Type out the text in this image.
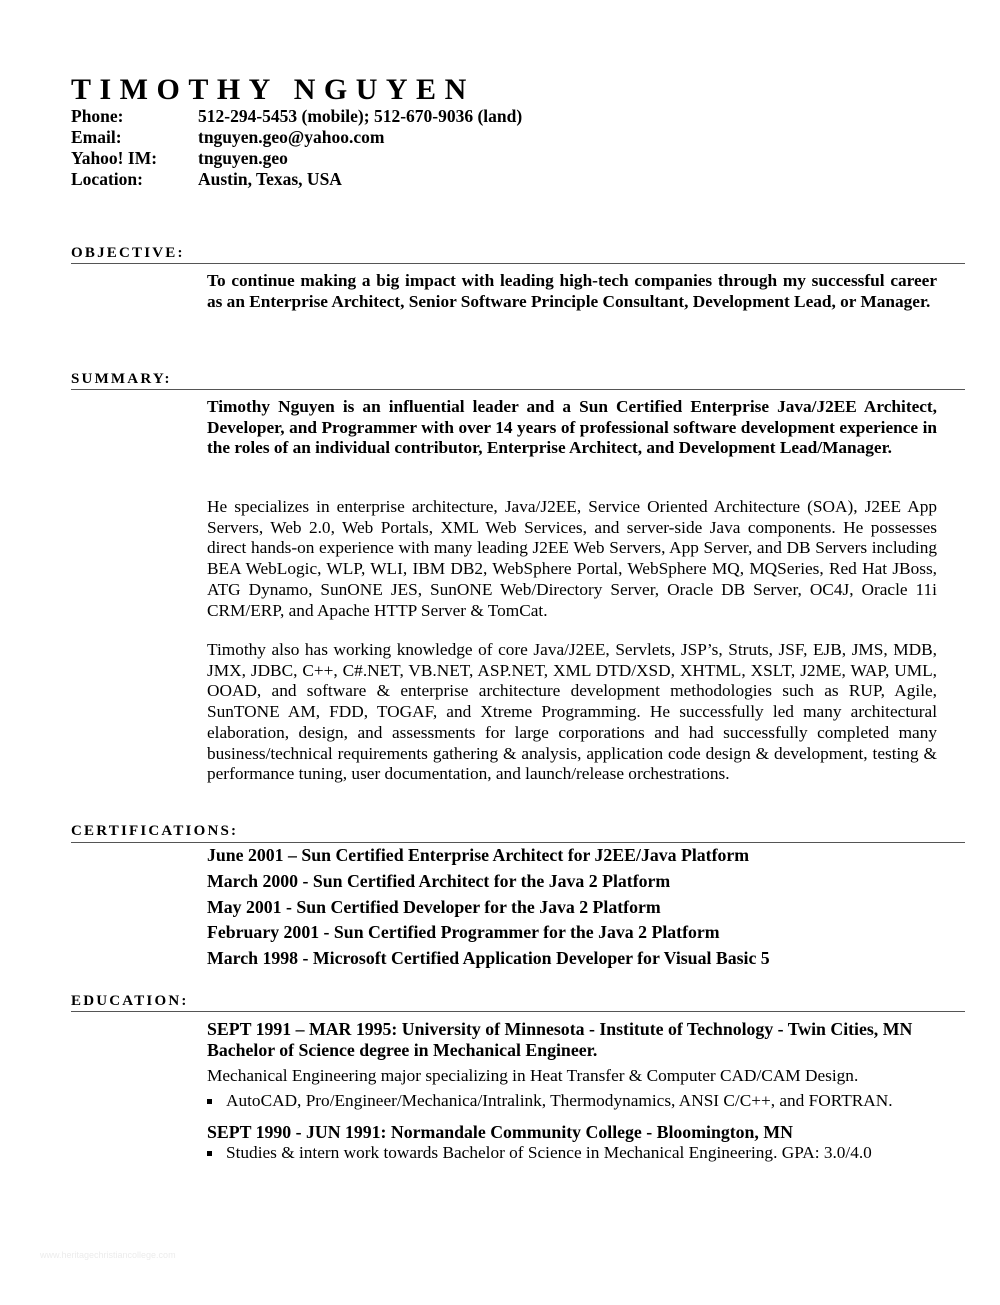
TIMOTHY NGUYEN
Phone:	512-294-5453 (mobile); 512-670-9036 (land)
Email:	tnguyen.geo@yahoo.com
Yahoo! IM: tnguyen.geo
Location:	Austin, Texas, USA
OBJECTIVE:
To continue making a big impact with leading high-tech companies through my successful career as an Enterprise Architect, Senior Software Principle Consultant, Development Lead, or Manager.
SUMMARY:
Timothy Nguyen is an influential leader and a Sun Certified Enterprise Java/J2EE Architect, Developer, and Programmer with over 14 years of professional software development experience in the roles of an individual contributor, Enterprise Architect, and Development Lead/Manager.
He specializes in enterprise architecture, Java/J2EE, Service Oriented Architecture (SOA), J2EE App Servers, Web 2.0, Web Portals, XML Web Services, and server-side Java components. He possesses direct hands-on experience with many leading J2EE Web Servers, App Server, and DB Servers including BEA WebLogic, WLP, WLI, IBM DB2, WebSphere Portal, WebSphere MQ, MQSeries, Red Hat JBoss, ATG Dynamo, SunONE JES, SunONE Web/Directory Server, Oracle DB Server, OC4J, Oracle 11i CRM/ERP, and Apache HTTP Server & TomCat.
Timothy also has working knowledge of core Java/J2EE, Servlets, JSP’s, Struts, JSF, EJB, JMS, MDB, JMX, JDBC, C++, C#.NET, VB.NET, ASP.NET, XML DTD/XSD, XHTML, XSLT, J2ME, WAP, UML, OOAD, and software & enterprise architecture development methodologies such as RUP, Agile, SunTONE AM, FDD, TOGAF, and Xtreme Programming. He successfully led many architectural elaboration, design, and assessments for large corporations and had successfully completed many business/technical requirements gathering & analysis, application code design & development, testing & performance tuning, user documentation, and launch/release orchestrations.
CERTIFICATIONS:
June 2001 – Sun Certified Enterprise Architect for J2EE/Java Platform
March 2000 - Sun Certified Architect for the Java 2 Platform
May 2001 - Sun Certified Developer for the Java 2 Platform
February 2001 - Sun Certified Programmer for the Java 2 Platform
March 1998 - Microsoft Certified Application Developer for Visual Basic 5
EDUCATION:
SEPT 1991 – MAR 1995: University of Minnesota - Institute of Technology - Twin Cities, MN
Bachelor of Science degree in Mechanical Engineer.
Mechanical Engineering major specializing in Heat Transfer & Computer CAD/CAM Design.
AutoCAD, Pro/Engineer/Mechanica/Intralink, Thermodynamics, ANSI C/C++, and FORTRAN.
SEPT 1990 - JUN 1991: Normandale Community College - Bloomington, MN
Studies & intern work towards Bachelor of Science in Mechanical Engineering. GPA: 3.0/4.0
www.heritagechristiancollege.com
